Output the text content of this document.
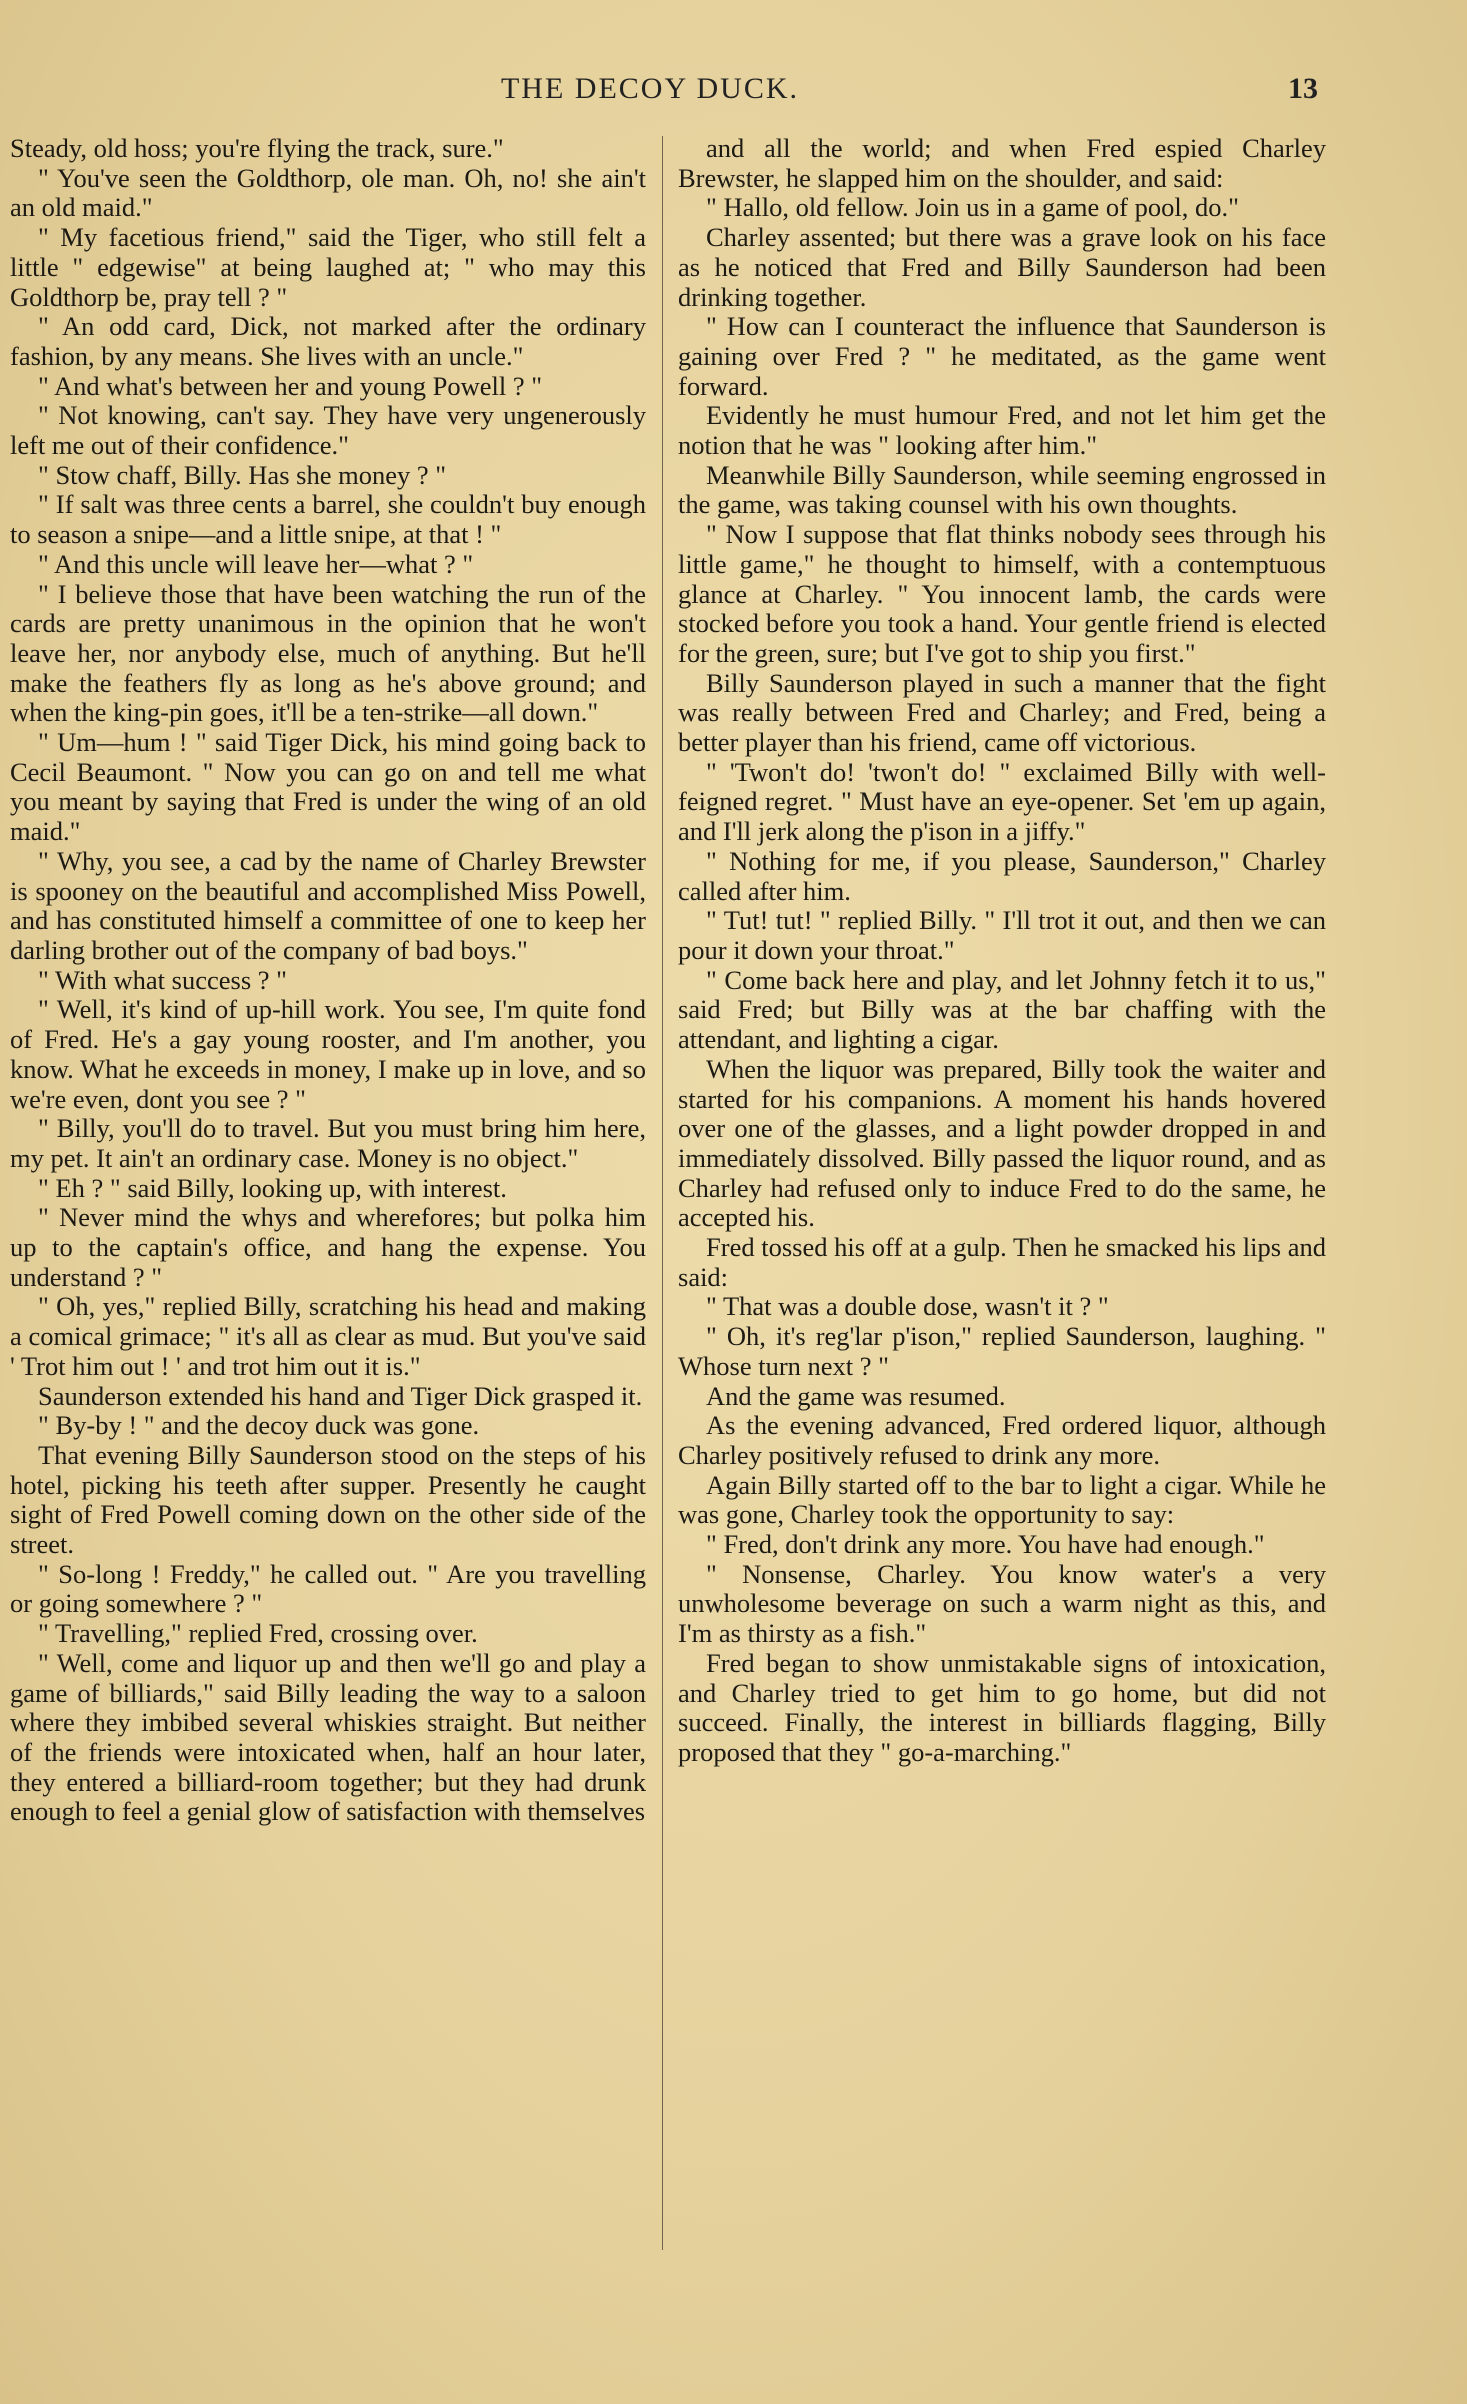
THE DECOY DUCK.	13

Steady, old hoss; you're flying the track, sure."

" You've seen the Goldthorp, ole man. Oh, no! she ain't an old maid."

" My facetious friend," said the Tiger, who still felt a little " edgewise" at being laughed at; " who may this Goldthorp be, pray tell ? "

" An odd card, Dick, not marked after the ordinary fashion, by any means. She lives with an uncle."

" And what's between her and young Powell ? "

" Not knowing, can't say. They have very ungenerously left me out of their confidence."

" Stow chaff, Billy. Has she money ? "

" If salt was three cents a barrel, she couldn't buy enough to season a snipe—and a little snipe, at that ! "

" And this uncle will leave her—what ? "

" I believe those that have been watching the run of the cards are pretty unanimous in the opinion that he won't leave her, nor anybody else, much of anything. But he'll make the feathers fly as long as he's above ground; and when the king-pin goes, it'll be a ten-strike—all down."

" Um—hum ! " said Tiger Dick, his mind going back to Cecil Beaumont. " Now you can go on and tell me what you meant by saying that Fred is under the wing of an old maid."

" Why, you see, a cad by the name of Charley Brewster is spooney on the beautiful and accomplished Miss Powell, and has constituted himself a committee of one to keep her darling brother out of the company of bad boys."

" With what success ? "

" Well, it's kind of up-hill work. You see, I'm quite fond of Fred. He's a gay young rooster, and I'm another, you know. What he exceeds in money, I make up in love, and so we're even, dont you see ? "

" Billy, you'll do to travel. But you must bring him here, my pet. It ain't an ordinary case. Money is no object."

" Eh ? " said Billy, looking up, with interest.

" Never mind the whys and wherefores; but polka him up to the captain's office, and hang the expense. You understand ? "

" Oh, yes," replied Billy, scratching his head and making a comical grimace; " it's all as clear as mud. But you've said ' Trot him out ! ' and trot him out it is."

Saunderson extended his hand and Tiger Dick grasped it.

" By-by ! " and the decoy duck was gone.

That evening Billy Saunderson stood on the steps of his hotel, picking his teeth after supper. Presently he caught sight of Fred Powell coming down on the other side of the street.

" So-long ! Freddy," he called out. " Are you travelling or going somewhere ? "

" Travelling," replied Fred, crossing over.

" Well, come and liquor up and then we'll go and play a game of billiards," said Billy leading the way to a saloon where they imbibed several whiskies straight. But neither of the friends were intoxicated when, half an hour later, they entered a billiard-room together; but they had drunk enough to feel a genial glow of satisfaction with themselves

and all the world; and when Fred espied Charley Brewster, he slapped him on the shoulder, and said:

" Hallo, old fellow. Join us in a game of pool, do."

Charley assented; but there was a grave look on his face as he noticed that Fred and Billy Saunderson had been drinking together.

" How can I counteract the influence that Saunderson is gaining over Fred ? " he meditated, as the game went forward.

Evidently he must humour Fred, and not let him get the notion that he was " looking after him."

Meanwhile Billy Saunderson, while seeming engrossed in the game, was taking counsel with his own thoughts.

" Now I suppose that flat thinks nobody sees through his little game," he thought to himself, with a contemptuous glance at Charley. " You innocent lamb, the cards were stocked before you took a hand. Your gentle friend is elected for the green, sure; but I've got to ship you first."

Billy Saunderson played in such a manner that the fight was really between Fred and Charley; and Fred, being a better player than his friend, came off victorious.

" 'Twon't do! 'twon't do! " exclaimed Billy with well-feigned regret. " Must have an eye-opener. Set 'em up again, and I'll jerk along the p'ison in a jiffy."

" Nothing for me, if you please, Saunderson," Charley called after him.

" Tut! tut! " replied Billy. " I'll trot it out, and then we can pour it down your throat."

" Come back here and play, and let Johnny fetch it to us," said Fred; but Billy was at the bar chaffing with the attendant, and lighting a cigar.

When the liquor was prepared, Billy took the waiter and started for his companions. A moment his hands hovered over one of the glasses, and a light powder dropped in and immediately dissolved. Billy passed the liquor round, and as Charley had refused only to induce Fred to do the same, he accepted his.

Fred tossed his off at a gulp. Then he smacked his lips and said:

" That was a double dose, wasn't it ? "

" Oh, it's reg'lar p'ison," replied Saunderson, laughing. " Whose turn next ? "

And the game was resumed.

As the evening advanced, Fred ordered liquor, although Charley positively refused to drink any more.

Again Billy started off to the bar to light a cigar. While he was gone, Charley took the opportunity to say:

" Fred, don't drink any more. You have had enough."

" Nonsense, Charley. You know water's a very unwholesome beverage on such a warm night as this, and I'm as thirsty as a fish."

Fred began to show unmistakable signs of intoxication, and Charley tried to get him to go home, but did not succeed. Finally, the interest in billiards flagging, Billy proposed that they " go-a-marching."
